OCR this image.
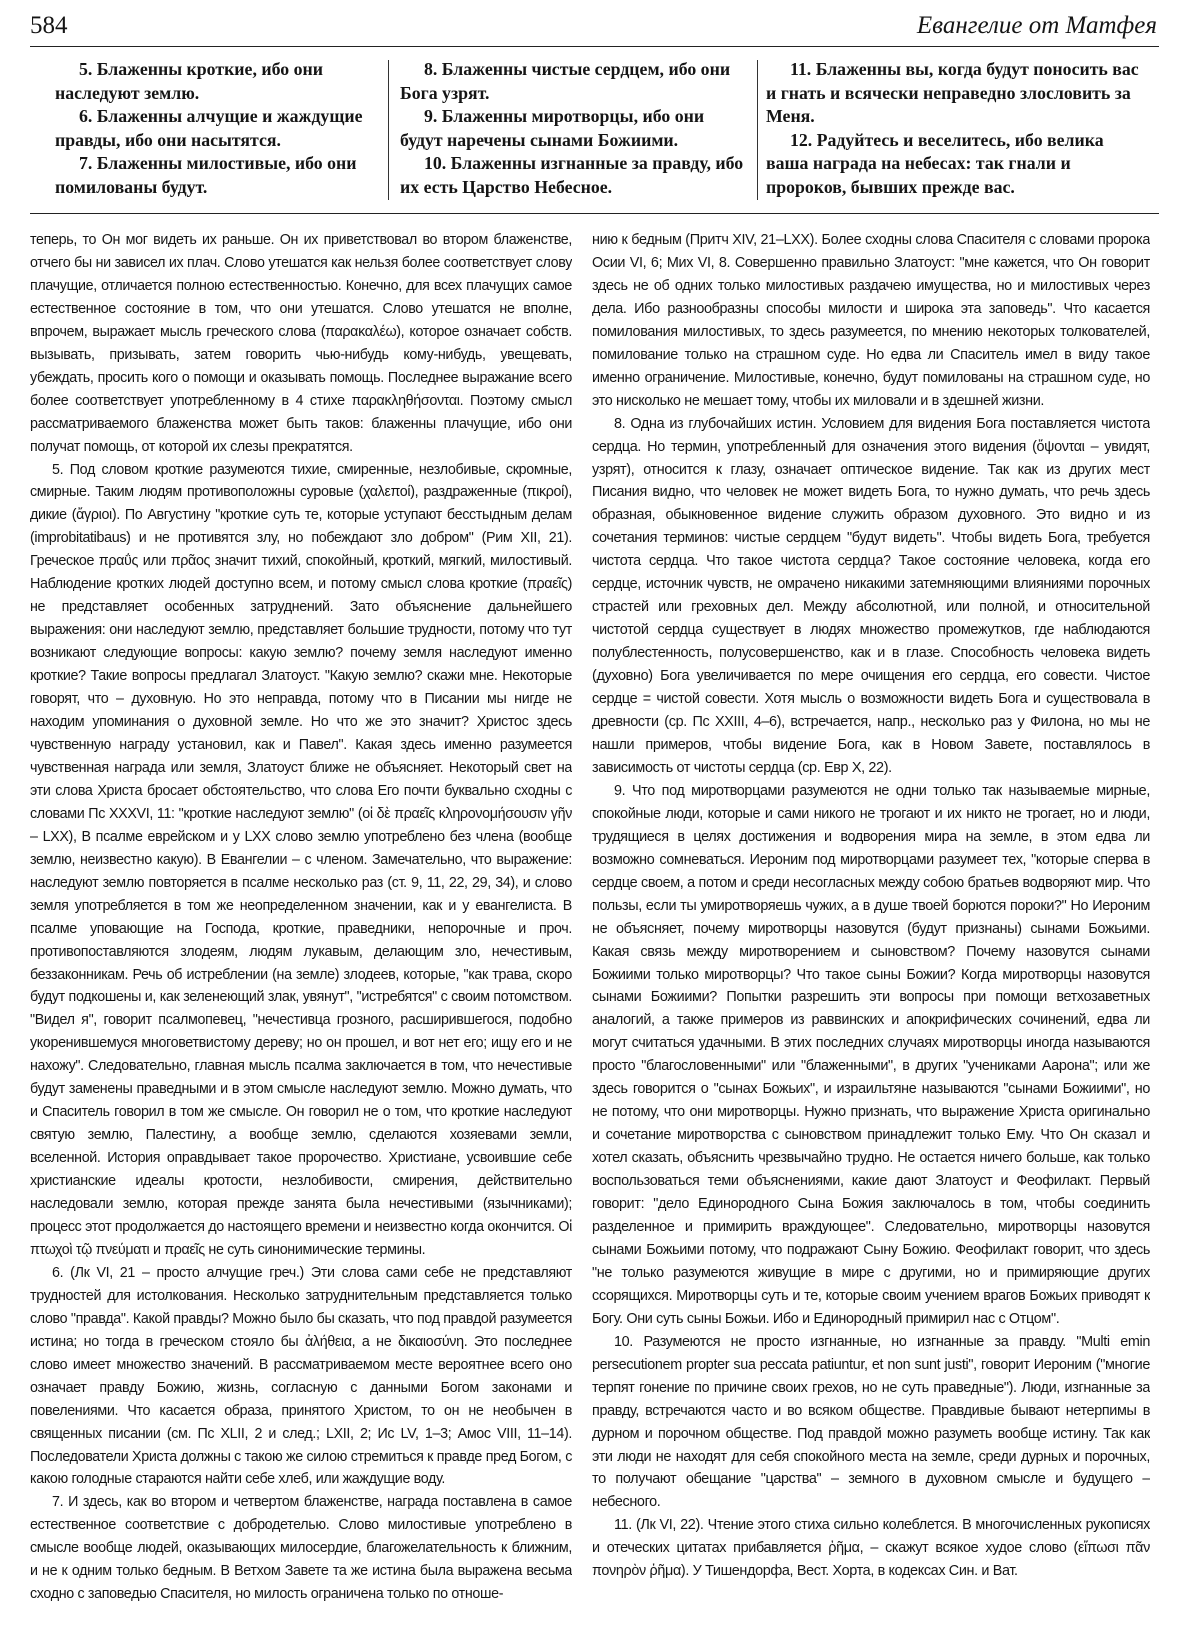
584	Евангелие от Матфея

5. Блаженны кроткие, ибо они наследуют землю.

6. Блаженны алчущие и жаждущие правды, ибо они насытятся.

7. Блаженны милостивые, ибо они помилованы будут.

8. Блаженны чистые сердцем, ибо они Бога узрят.

9. Блаженны миротворцы, ибо они будут наречены сынами Божиими.

10. Блаженны изгнанные за правду, ибо их есть Царство Небесное.

11. Блаженны вы, когда будут поносить вас и гнать и всячески неправедно злословить за Меня.

12. Радуйтесь и веселитесь, ибо велика ваша награда на небесах: так гнали и пророков, бывших прежде вас.

теперь, то Он мог видеть их раньше. Он их приветствовал во втором блаженстве, отчего бы ни зависел их плач. Слово утешатся как нельзя более соответствует слову плачущие, отличается полною естественностью. Конечно, для всех плачущих самое естественное состояние в том, что они утешатся. Слово утешатся не вполне, впрочем, выражает мысль греческого слова (παρακαλέω), которое означает собств. вызывать, призывать, затем говорить чью-нибудь кому-нибудь, увещевать, убеждать, просить кого о помощи и оказывать помощь. Последнее выражание всего более соответствует употребленному в 4 стихе παρακληθήσονται. Поэтому смысл рассматриваемого блаженства может быть таков: блаженны плачущие, ибо они получат помощь, от которой их слезы прекратятся.

5. Под словом кроткие разумеются тихие, смиренные, незлобивые, скромные, смирные. Таким людям противоположны суровые (χαλεποί), раздраженные (πικροί), дикие (ἄγριοι). По Августину "кроткие суть те, которые уступают бесстыдным делам (improbitatibaus) и не противятся злу, но побеждают зло добром" (Рим XII, 21). Греческое πραΰς или πρᾶος значит тихий, спокойный, кроткий, мягкий, милостивый. Наблюдение кротких людей доступно всем, и потому смысл слова кроткие (πραεῖς) не представляет особенных затруднений. Зато объяснение дальнейшего выражения: они наследуют землю, представляет большие трудности, потому что тут возникают следующие вопросы: какую землю? почему земля наследуют именно кроткие? Такие вопросы предлагал Златоуст. "Какую землю? скажи мне. Некоторые говорят, что – духовную. Но это неправда, потому что в Писании мы нигде не находим упоминания о духовной земле. Но что же это значит? Христос здесь чувственную награду установил, как и Павел". Какая здесь именно разумеется чувственная награда или земля, Златоуст ближе не объясняет. Некоторый свет на эти слова Христа бросает обстоятельство, что слова Его почти буквально сходны с словами Пс XXXVI, 11: "кроткие наследуют землю" (οἱ δὲ πραεῖς κληρονομήσουσιν γῆν – LXX), В псалме еврейском и у LXX слово землю употреблено без члена (вообще землю, неизвестно какую). В Евангелии – с членом. Замечательно, что выражение: наследуют землю повторяется в псалме несколько раз (ст. 9, 11, 22, 29, 34), и слово земля употребляется в том же неопределенном значении, как и у евангелиста. В псалме уповающие на Господа, кроткие, праведники, непорочные и проч. противопоставляются злодеям, людям лукавым, делающим зло, нечестивым, беззаконникам. Речь об истреблении (на земле) злодеев, которые, "как трава, скоро будут подкошены и, как зеленеющий злак, увянут", "истребятся" с своим потомством. "Видел я", говорит псалмопевец, "нечестивца грозного, расширившегося, подобно укоренившемуся многоветвистому дереву; но он прошел, и вот нет его; ищу его и не нахожу". Следовательно, главная мысль псалма заключается в том, что нечестивые будут заменены праведными и в этом смысле наследуют землю. Можно думать, что и Спаситель говорил в том же смысле. Он говорил не о том, что кроткие наследуют святую землю, Палестину, а вообще землю, сделаются хозяевами земли, вселенной. История оправдывает такое пророчество. Христиане, усвоившие себе христианские идеалы кротости, незлобивости, смирения, действительно наследовали землю, которая прежде занята была нечестивыми (язычниками); процесс этот продолжается до настоящего времени и неизвестно когда окончится. Οἱ πτωχοὶ τῷ πνεύματι и πραεῖς не суть синонимические термины.

6. (Лк VI, 21 – просто алчущие греч.) Эти слова сами себе не представляют трудностей для истолкования. Несколько затруднительным представляется только слово "правда". Какой правды? Можно было бы сказать, что под правдой разумеется истина; но тогда в греческом стояло бы ἀλήθεια, а не δικαιοσύνη. Это последнее слово имеет множество значений. В рассматриваемом месте вероятнее всего оно означает правду Божию, жизнь, согласную с данными Богом законами и повелениями. Что касается образа, принятого Христом, то он не необычен в священных писании (см. Пс XLII, 2 и след.; LXII, 2; Ис LV, 1–3; Амос VIII, 11–14). Последователи Христа должны с такою же силою стремиться к правде пред Богом, с какою голодные стараются найти себе хлеб, или жаждущие воду.

7. И здесь, как во втором и четвертом блаженстве, награда поставлена в самое естественное соответствие с добродетелью. Слово милостивые употреблено в смысле вообще людей, оказывающих милосердие, благожелательность к ближним, и не к одним только бедным. В Ветхом Завете та же истина была выражена весьма сходно с заповедью Спасителя, но милость ограничена только по отноше-

нию к бедным (Притч XIV, 21–LXX). Более сходны слова Спасителя с словами пророка Осии VI, 6; Мих VI, 8. Совершенно правильно Златоуст: "мне кажется, что Он говорит здесь не об одних только милостивых раздачею имущества, но и милостивых через дела. Ибо разнообразны способы милости и широка эта заповедь". Что касается помилования милостивых, то здесь разумеется, по мнению некоторых толкователей, помилование только на страшном суде. Но едва ли Спаситель имел в виду такое именно ограничение. Милостивые, конечно, будут помилованы на страшном суде, но это нисколько не мешает тому, чтобы их миловали и в здешней жизни.

8. Одна из глубочайших истин. Условием для видения Бога поставляется чистота сердца. Но термин, употребленный для означения этого видения (ὄψονται – увидят, узрят), относится к глазу, означает оптическое видение. Так как из других мест Писания видно, что человек не может видеть Бога, то нужно думать, что речь здесь образная, обыкновенное видение служить образом духовного. Это видно и из сочетания терминов: чистые сердцем "будут видеть". Чтобы видеть Бога, требуется чистота сердца. Что такое чистота сердца? Такое состояние человека, когда его сердце, источник чувств, не омрачено никакими затемняющими влияниями порочных страстей или греховных дел. Между абсолютной, или полной, и относительной чистотой сердца существует в людях множество промежутков, где наблюдаются полублестенность, полусовершенство, как и в глазе. Способность человека видеть (духовно) Бога увеличивается по мере очищения его сердца, его совести. Чистое сердце = чистой совести. Хотя мысль о возможности видеть Бога и существовала в древности (ср. Пс XXIII, 4–6), встречается, напр., несколько раз у Филона, но мы не нашли примеров, чтобы видение Бога, как в Новом Завете, поставлялось в зависимость от чистоты сердца (ср. Евр X, 22).

9. Что под миротворцами разумеются не одни только так называемые мирные, спокойные люди, которые и сами никого не трогают и их никто не трогает, но и люди, трудящиеся в целях достижения и водворения мира на земле, в этом едва ли возможно сомневаться. Иероним под миротворцами разумеет тех, "которые сперва в сердце своем, а потом и среди несогласных между собою братьев водворяют мир. Что пользы, если ты умиротворяешь чужих, а в душе твоей борются пороки?" Но Иероним не объясняет, почему миротворцы назовутся (будут признаны) сынами Божьими. Какая связь между миротворением и сыновством? Почему назовутся сынами Божиими только миротворцы? Что такое сыны Божии? Когда миротворцы назовутся сынами Божиими? Попытки разрешить эти вопросы при помощи ветхозаветных аналогий, а также примеров из раввинских и апокрифических сочинений, едва ли могут считаться удачными. В этих последних случаях миротворцы иногда называются просто "благословенными" или "блаженными", в других "учениками Аарона"; или же здесь говорится о "сынах Божьих", и израильтяне называются "сынами Божиими", но не потому, что они миротворцы. Нужно признать, что выражение Христа оригинально и сочетание миротворства с сыновством принадлежит только Ему. Что Он сказал и хотел сказать, объяснить чрезвычайно трудно. Не остается ничего больше, как только воспользоваться теми объяснениями, какие дают Златоуст и Феофилакт. Первый говорит: "дело Единородного Сына Божия заключалось в том, чтобы соединить разделенное и примирить враждующее". Следовательно, миротворцы назовутся сынами Божьими потому, что подражают Сыну Божию. Феофилакт говорит, что здесь "не только разумеются живущие в мире с другими, но и примиряющие других ссорящихся. Миротворцы суть и те, которые своим учением врагов Божьих приводят к Богу. Они суть сыны Божьи. Ибо и Единородный примирил нас с Отцом".

10. Разумеются не просто изгнанные, но изгнанные за правду. "Multi emin persecutionem propter sua peccata patiuntur, et non sunt justi", говорит Иероним ("многие терпят гонение по причине своих грехов, но не суть праведные"). Люди, изгнанные за правду, встречаются часто и во всяком обществе. Правдивые бывают нетерпимы в дурном и порочном обществе. Под правдой можно разуметь вообще истину. Так как эти люди не находят для себя спокойного места на земле, среди дурных и порочных, то получают обещание "царства" – земного в духовном смысле и будущего – небесного.

11. (Лк VI, 22). Чтение этого стиха сильно колеблется. В многочисленных рукописях и отеческих цитатах прибавляется ῥῆμα, – скажут всякое худое слово (εἴπωσι πᾶν πονηρὸν ῥῆμα). У Тишендорфа, Вест. Хорта, в кодексах Син. и Ват.
